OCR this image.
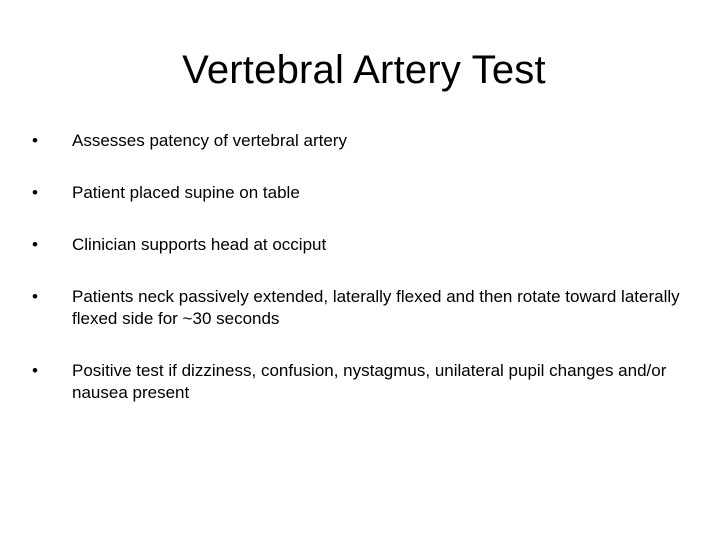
Vertebral Artery Test
•	Assesses patency of vertebral artery
•	Patient placed supine on table
•	Clinician supports head at occiput
•	Patients neck passively extended, laterally flexed and then rotate toward laterally flexed side for ~30 seconds
•	Positive test if dizziness, confusion, nystagmus, unilateral pupil changes and/or nausea present
